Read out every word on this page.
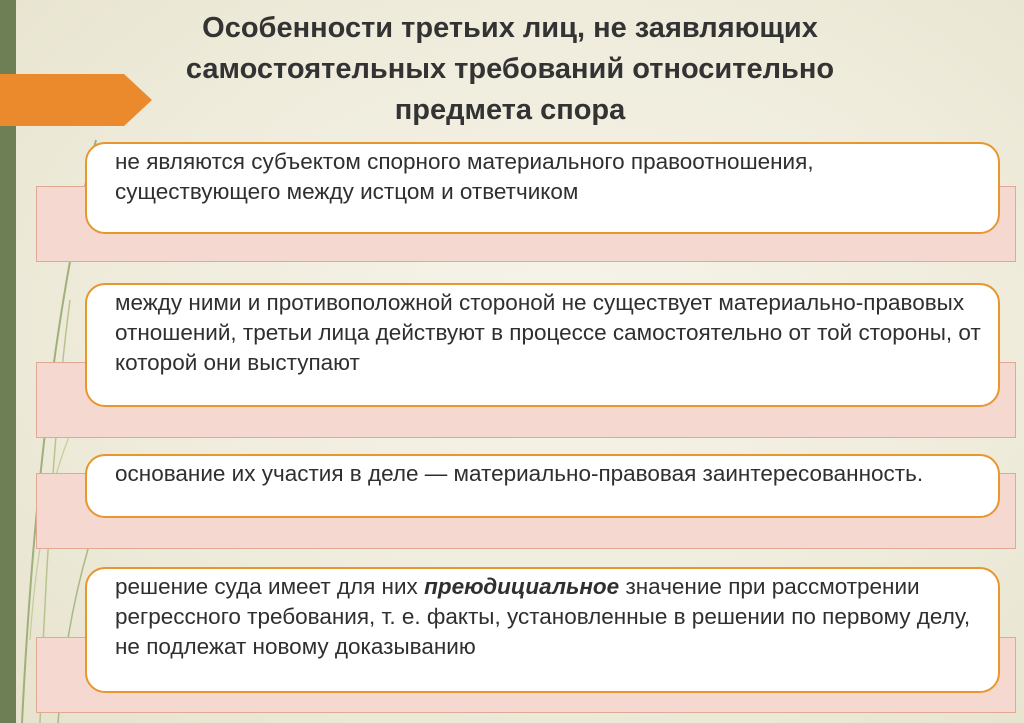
Особенности третьих лиц, не заявляющих самостоятельных требований относительно предмета спора

не являются субъектом спорного материального правоотношения, существующего между истцом и ответчиком

между ними и противоположной стороной не существует материально-правовых отношений, третьи лица действуют в процессе самостоятельно от той стороны, от которой они выступают

основание их участия в деле — материально-правовая заинтересованность.

решение суда имеет для них преюдициальное значение при рассмотрении регрессного требования, т. е. факты, установленные в решении по первому делу, не подлежат новому доказыванию
